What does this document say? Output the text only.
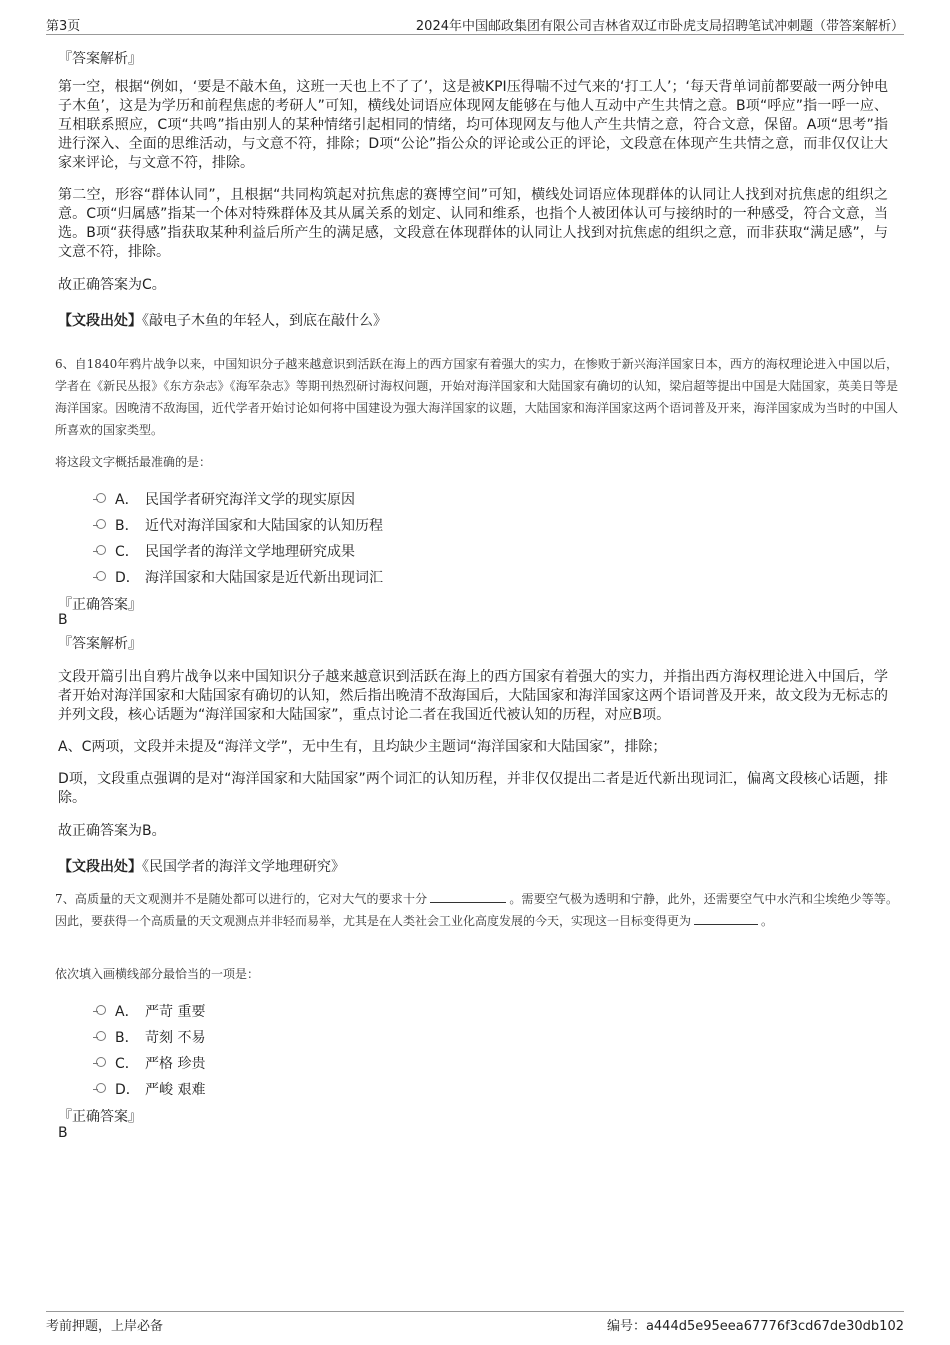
第3页	2024年中国邮政集团有限公司吉林省双辽市卧虎支局招聘笔试冲刺题（带答案解析）
『答案解析』

第一空，根据“例如，‘要是不敲木鱼，这班一天也上不了了’，这是被KPI压得喘不过气来的‘打工人’；‘每天背单词前都要敲一两分钟电子木鱼’，这是为学历和前程焦虑的考研人”可知，横线处词语应体现网友能够在与他人互动中产生共情之意。B项“呼应”指一呼一应、互相联系照应，C项“共鸣”指由别人的某种情绪引起相同的情绪，均可体现网友与他人产生共情之意，符合文意，保留。A项“思考”指进行深入、全面的思维活动，与文意不符，排除；D项“公论”指公众的评论或公正的评论，文段意在体现产生共情之意，而非仅仅让大家来评论，与文意不符，排除。

第二空，形容“群体认同”，且根据“共同构筑起对抗焦虑的赛博空间”可知，横线处词语应体现群体的认同让人找到对抗焦虑的组织之意。C项“归属感”指某一个体对特殊群体及其从属关系的划定、认同和维系，也指个人被团体认可与接纳时的一种感受，符合文意，当选。B项“获得感”指获取某种利益后所产生的满足感，文段意在体现群体的认同让人找到对抗焦虑的组织之意，而非获取“满足感”，与文意不符，排除。

故正确答案为C。
【文段出处】《敲电子木鱼的年轻人，到底在敲什么》

6、自1840年鸦片战争以来，中国知识分子越来越意识到活跃在海上的西方国家有着强大的实力，在惨败于新兴海洋国家日本，西方的海权理论进入中国以后，学者在《新民丛报》《东方杂志》《海军杂志》等期刊热烈研讨海权问题，开始对海洋国家和大陆国家有确切的认知，梁启超等提出中国是大陆国家，英美日等是海洋国家。因晚清不敌海国，近代学者开始讨论如何将中国建设为强大海洋国家的议题，大陆国家和海洋国家这两个语词普及开来，海洋国家成为当时的中国人所喜欢的国家类型。

将这段文字概括最准确的是：
A． 民国学者研究海洋文学的现实原因
B． 近代对海洋国家和大陆国家的认知历程
C． 民国学者的海洋文学地理研究成果
D． 海洋国家和大陆国家是近代新出现词汇
『正确答案』
B
『答案解析』

文段开篇引出自鸦片战争以来中国知识分子越来越意识到活跃在海上的西方国家有着强大的实力，并指出西方海权理论进入中国后，学者开始对海洋国家和大陆国家有确切的认知，然后指出晚清不敌海国后，大陆国家和海洋国家这两个语词普及开来，故文段为无标志的并列文段，核心话题为“海洋国家和大陆国家”，重点讨论二者在我国近代被认知的历程，对应B项。

A、C两项，文段并未提及“海洋文学”，无中生有，且均缺少主题词“海洋国家和大陆国家”，排除；

D项，文段重点强调的是对“海洋国家和大陆国家”两个词汇的认知历程，并非仅仅提出二者是近代新出现词汇，偏离文段核心话题，排除。

故正确答案为B。
【文段出处】《民国学者的海洋文学地理研究》

7、高质量的天文观测并不是随处都可以进行的，它对大气的要求十分	。需要空气极为透明和宁静，此外，还需要空气中水汽和尘埃绝少等等。因此，要获得一个高质量的天文观测点并非轻而易举，尤其是在人类社会工业化高度发展的今天，实现这一目标变得更为	。

依次填入画横线部分最恰当的一项是：
A． 严苛 重要
B． 苛刻 不易
C． 严格 珍贵
D． 严峻 艰难
『正确答案』
B
考前押题，上岸必备	编号：a444d5e95eea67776f3cd67de30db102
